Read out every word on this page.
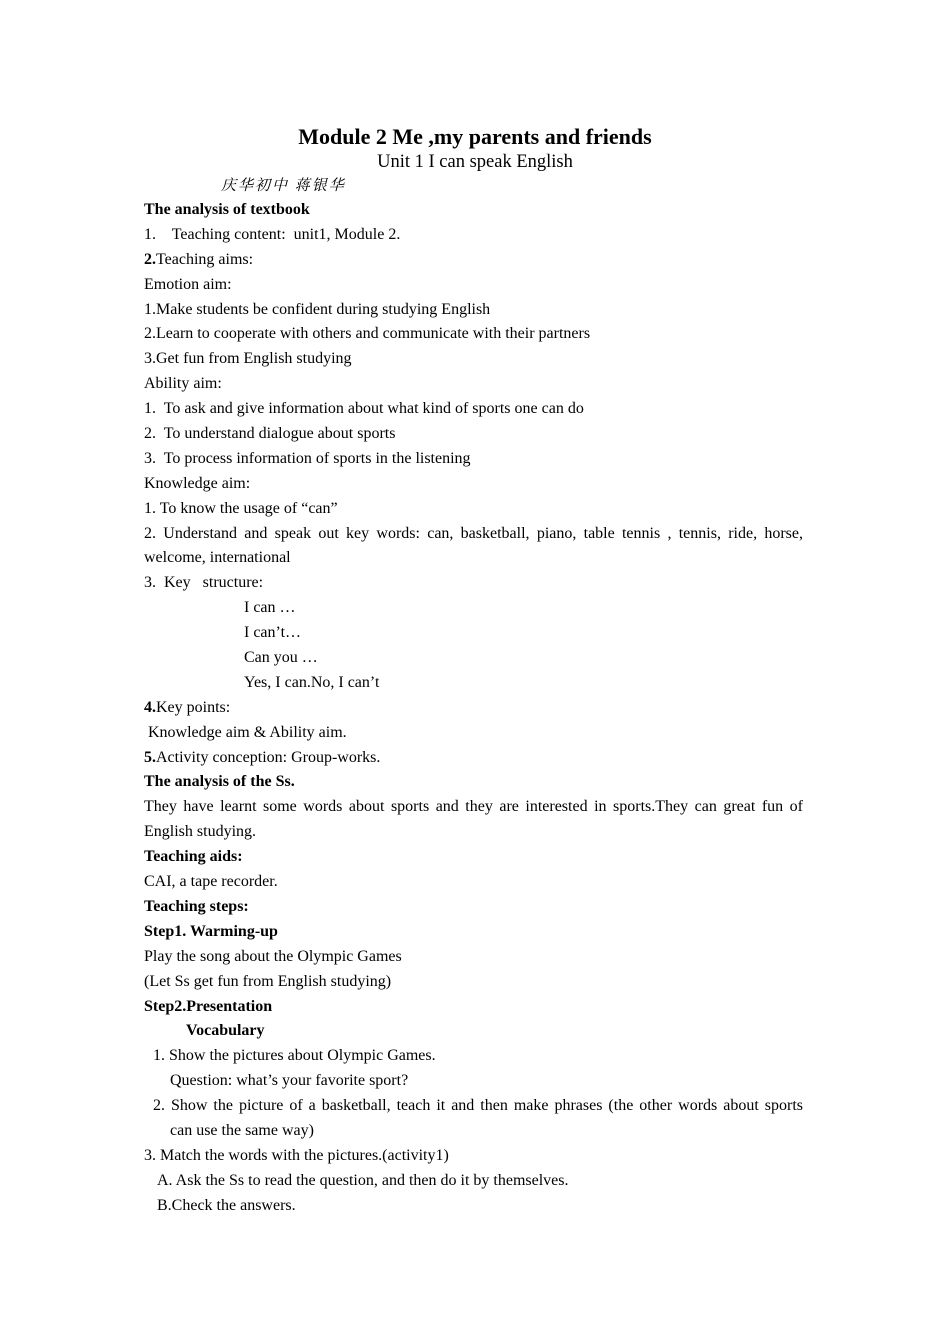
Module 2 Me ,my parents and friends
Unit 1 I can speak English
庆华初中 蒋银华
The analysis of textbook
1.    Teaching content:  unit1, Module 2.
2.Teaching aims:
Emotion aim:
1.Make students be confident during studying English
2.Learn to cooperate with others and communicate with their partners
3.Get fun from English studying
Ability aim:
1.  To ask and give information about what kind of sports one can do
2.  To understand dialogue about sports
3.  To process information of sports in the listening
Knowledge aim:
1. To know the usage of “can”
2. Understand and speak out key words: can, basketball, piano, table tennis , tennis, ride, horse,
welcome, international
3.  Key   structure:
I can …
I can’t…
Can you …
Yes, I can.No, I can’t
4.Key points:
Knowledge aim & Ability aim.
5.Activity conception: Group-works.
The analysis of the Ss.
They have learnt some words about sports and they are interested in sports.They can great fun of
English studying.
Teaching aids:
CAI, a tape recorder.
Teaching steps:
Step1. Warming-up
Play the song about the Olympic Games
(Let Ss get fun from English studying)
Step2.Presentation
Vocabulary
1. Show the pictures about Olympic Games.
Question: what’s your favorite sport?
2. Show the picture of a basketball, teach it and then make phrases (the other words about sports
can use the same way)
3. Match the words with the pictures.(activity1)
A. Ask the Ss to read the question, and then do it by themselves.
B.Check the answers.
